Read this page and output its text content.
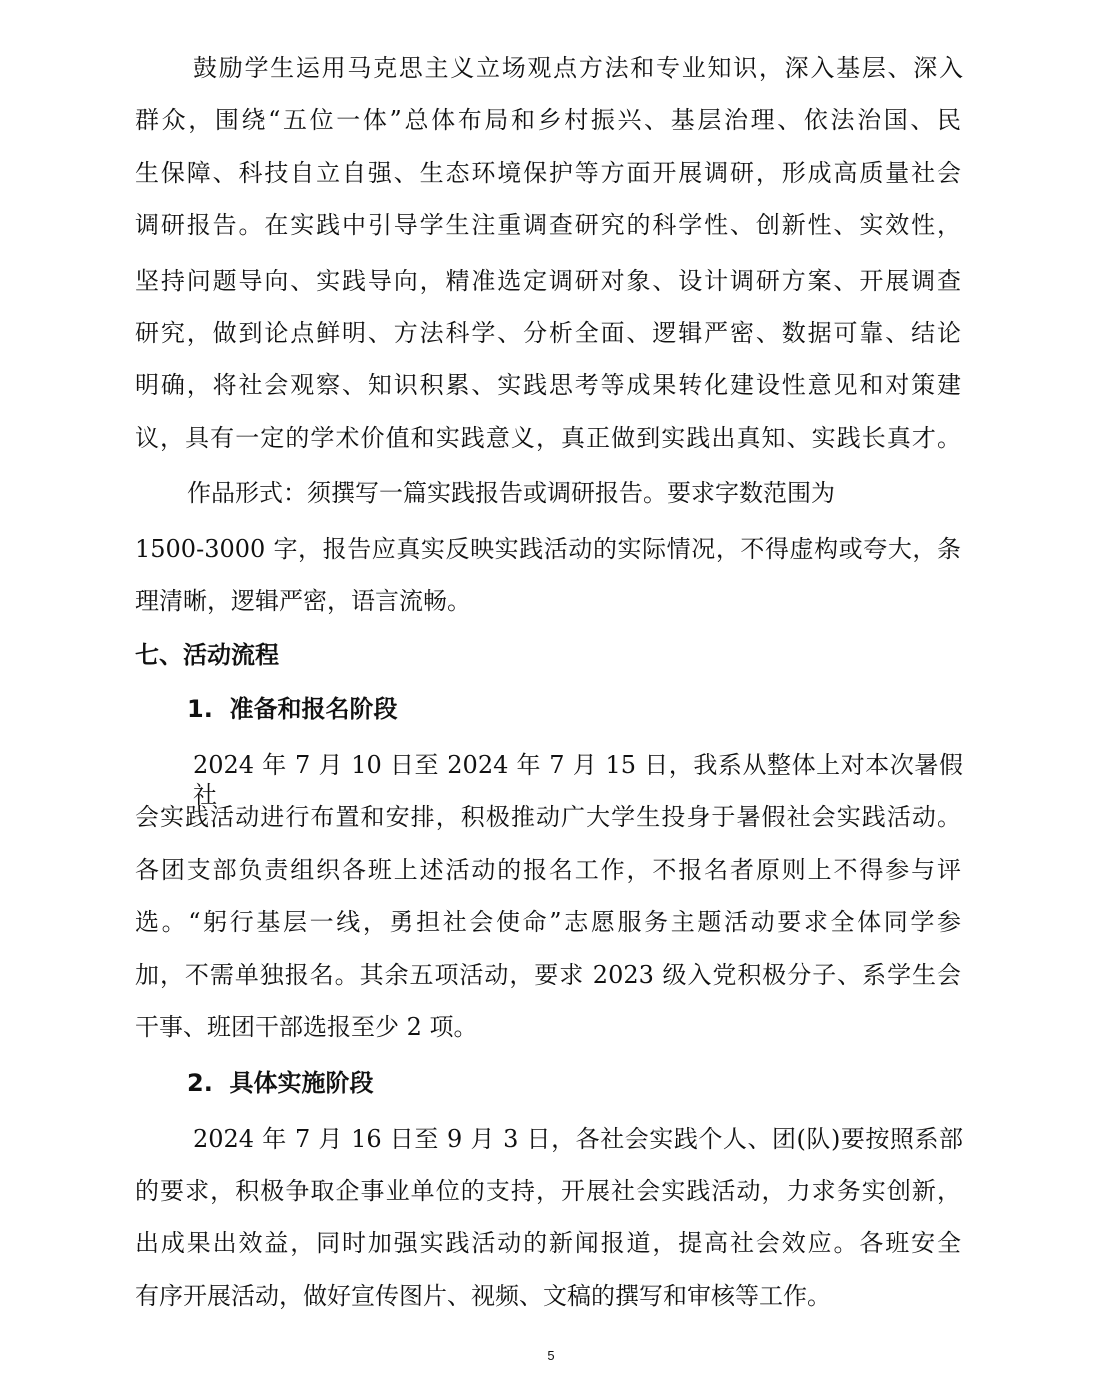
鼓励学生运用马克思主义立场观点方法和专业知识，深入基层、深入
群众，围绕“五位一体”总体布局和乡村振兴、基层治理、依法治国、民
生保障、科技自立自强、生态环境保护等方面开展调研，形成高质量社会
调研报告。在实践中引导学生注重调查研究的科学性、创新性、实效性，
坚持问题导向、实践导向，精准选定调研对象、设计调研方案、开展调查
研究，做到论点鲜明、方法科学、分析全面、逻辑严密、数据可靠、结论
明确，将社会观察、知识积累、实践思考等成果转化建设性意见和对策建
议，具有一定的学术价值和实践意义，真正做到实践出真知、实践长真才。
作品形式：须撰写一篇实践报告或调研报告。要求字数范围为
1500-3000 字，报告应真实反映实践活动的实际情况，不得虚构或夸大，条
理清晰，逻辑严密，语言流畅。
七、活动流程
1.  准备和报名阶段
2024 年 7 月 10 日至 2024 年 7 月 15 日，我系从整体上对本次暑假社
会实践活动进行布置和安排，积极推动广大学生投身于暑假社会实践活动。
各团支部负责组织各班上述活动的报名工作，不报名者原则上不得参与评
选。“躬行基层一线，勇担社会使命”志愿服务主题活动要求全体同学参
加，不需单独报名。其余五项活动，要求 2023 级入党积极分子、系学生会
干事、班团干部选报至少 2 项。
2.  具体实施阶段
2024 年 7 月 16 日至 9 月 3 日，各社会实践个人、团(队)要按照系部
的要求，积极争取企事业单位的支持，开展社会实践活动，力求务实创新，
出成果出效益，同时加强实践活动的新闻报道，提高社会效应。各班安全
有序开展活动，做好宣传图片、视频、文稿的撰写和审核等工作。
5
